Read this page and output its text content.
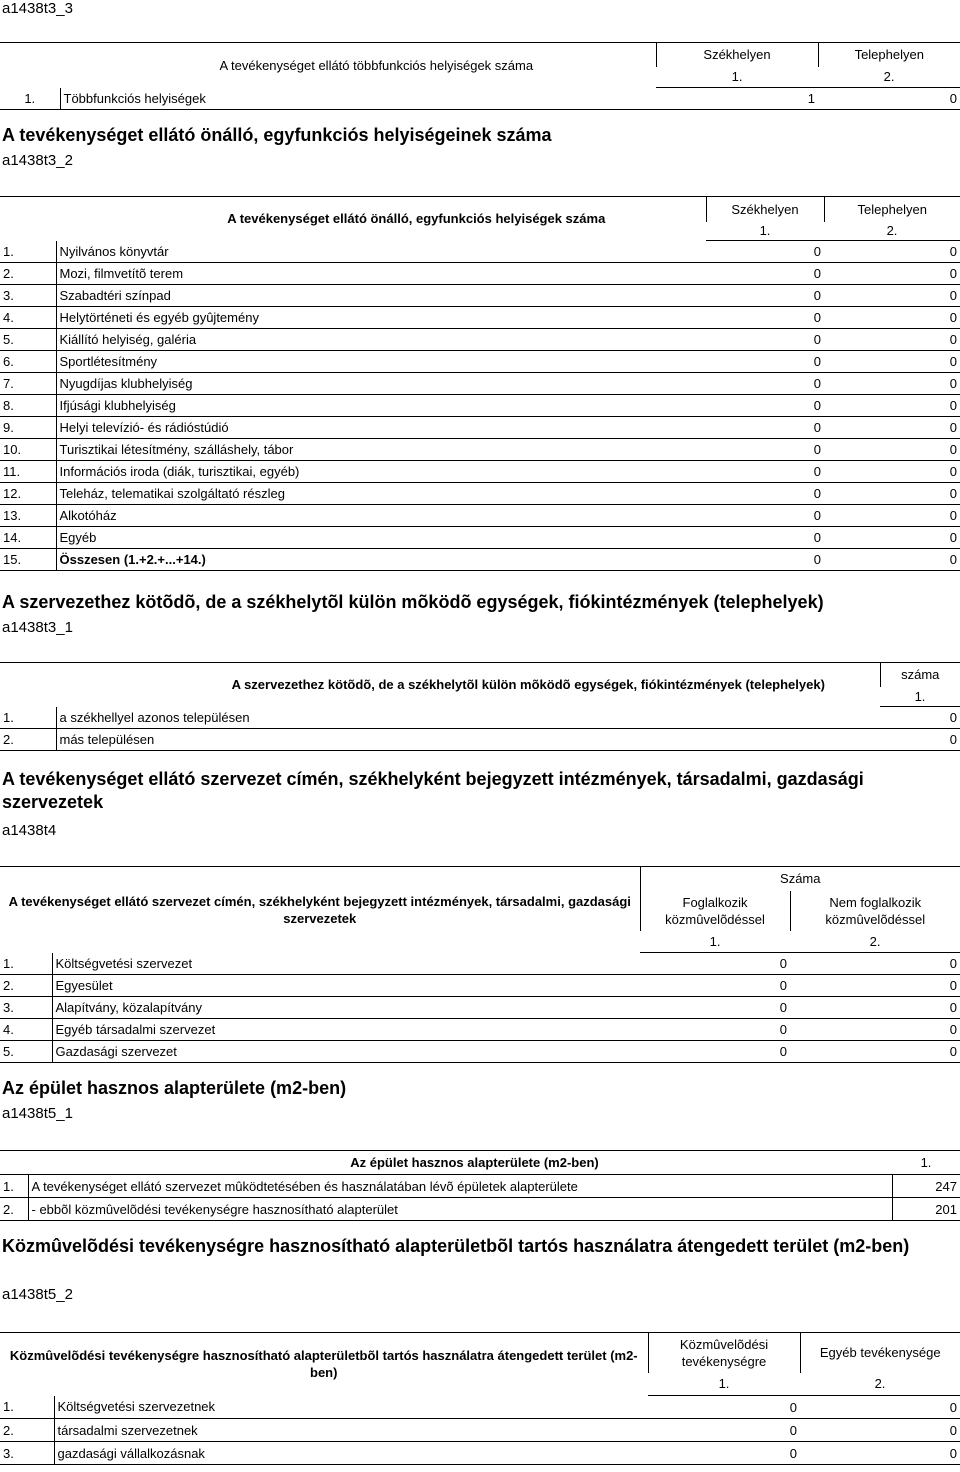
a1438t3_3
A tevékenységet ellátó többfunkciós helyiségek száma		Székhelyen	Telephelyen
		1.	2.
1.	Többfunkciós helyiségek	1	0
A tevékenységet ellátó önálló, egyfunkciós helyiségeinek száma
a1438t3_2
A tevékenységet ellátó önálló, egyfunkciós helyiségek száma		Székhelyen	Telephelyen
		1.	2.
1.	Nyilvános könyvtár	0	0
2.	Mozi, filmvetítõ terem	0	0
3.	Szabadtéri színpad	0	0
4.	Helytörténeti és egyéb gyûjtemény	0	0
5.	Kiállító helyiség, galéria	0	0
6.	Sportlétesítmény	0	0
7.	Nyugdíjas klubhelyiség	0	0
8.	Ifjúsági klubhelyiség	0	0
9.	Helyi televízió- és rádióstúdió	0	0
10.	Turisztikai létesítmény, szálláshely, tábor	0	0
11.	Információs iroda (diák, turisztikai, egyéb)	0	0
12.	Teleház, telematikai szolgáltató részleg	0	0
13.	Alkotóház	0	0
14.	Egyéb	0	0
15.	Összesen (1.+2.+...+14.)	0	0
A szervezethez kötõdõ, de a székhelytõl külön mõködõ egységek, fiókintézmények (telephelyek)
a1438t3_1
A szervezethez kötõdõ, de a székhelytõl külön mõködõ egységek, fiókintézmények (telephelyek)		száma
		1.
1.	a székhellyel azonos településen	0
2.	más településen	0
A tevékenységet ellátó szervezet címén, székhelyként bejegyzett intézmények, társadalmi, gazdasági szervezetek
a1438t4
A tevékenységet ellátó szervezet címén, székhelyként bejegyzett intézmények, társadalmi, gazdasági szervezetek		Száma	
		Foglalkozik közmûvelõdéssel	Nem foglalkozik közmûvelõdéssel
		1.	2.
1.	Költségvetési szervezet	0	0
2.	Egyesület	0	0
3.	Alapítvány, közalapítvány	0	0
4.	Egyéb társadalmi szervezet	0	0
5.	Gazdasági szervezet	0	0
Az épület hasznos alapterülete (m2-ben)
a1438t5_1
Az épület hasznos alapterülete (m2-ben)		1.
1.	A tevékenységet ellátó szervezet mûködtetésében és használatában lévõ épületek alapterülete	247
2.	- ebbõl közmûvelõdési tevékenységre hasznosítható alapterület	201
Közmûvelõdési tevékenységre hasznosítható alapterületbõl tartós használatra átengedett terület (m2-ben)
a1438t5_2
Közmûvelõdési tevékenységre hasznosítható alapterületbõl tartós használatra átengedett terület (m2-ben)		Közmûvelõdési tevékenységre	Egyéb tevékenysége
		1.	2.
1.	Költségvetési szervezetnek	0	0
2.	társadalmi szervezetnek	0	0
3.	gazdasági vállalkozásnak	0	0
